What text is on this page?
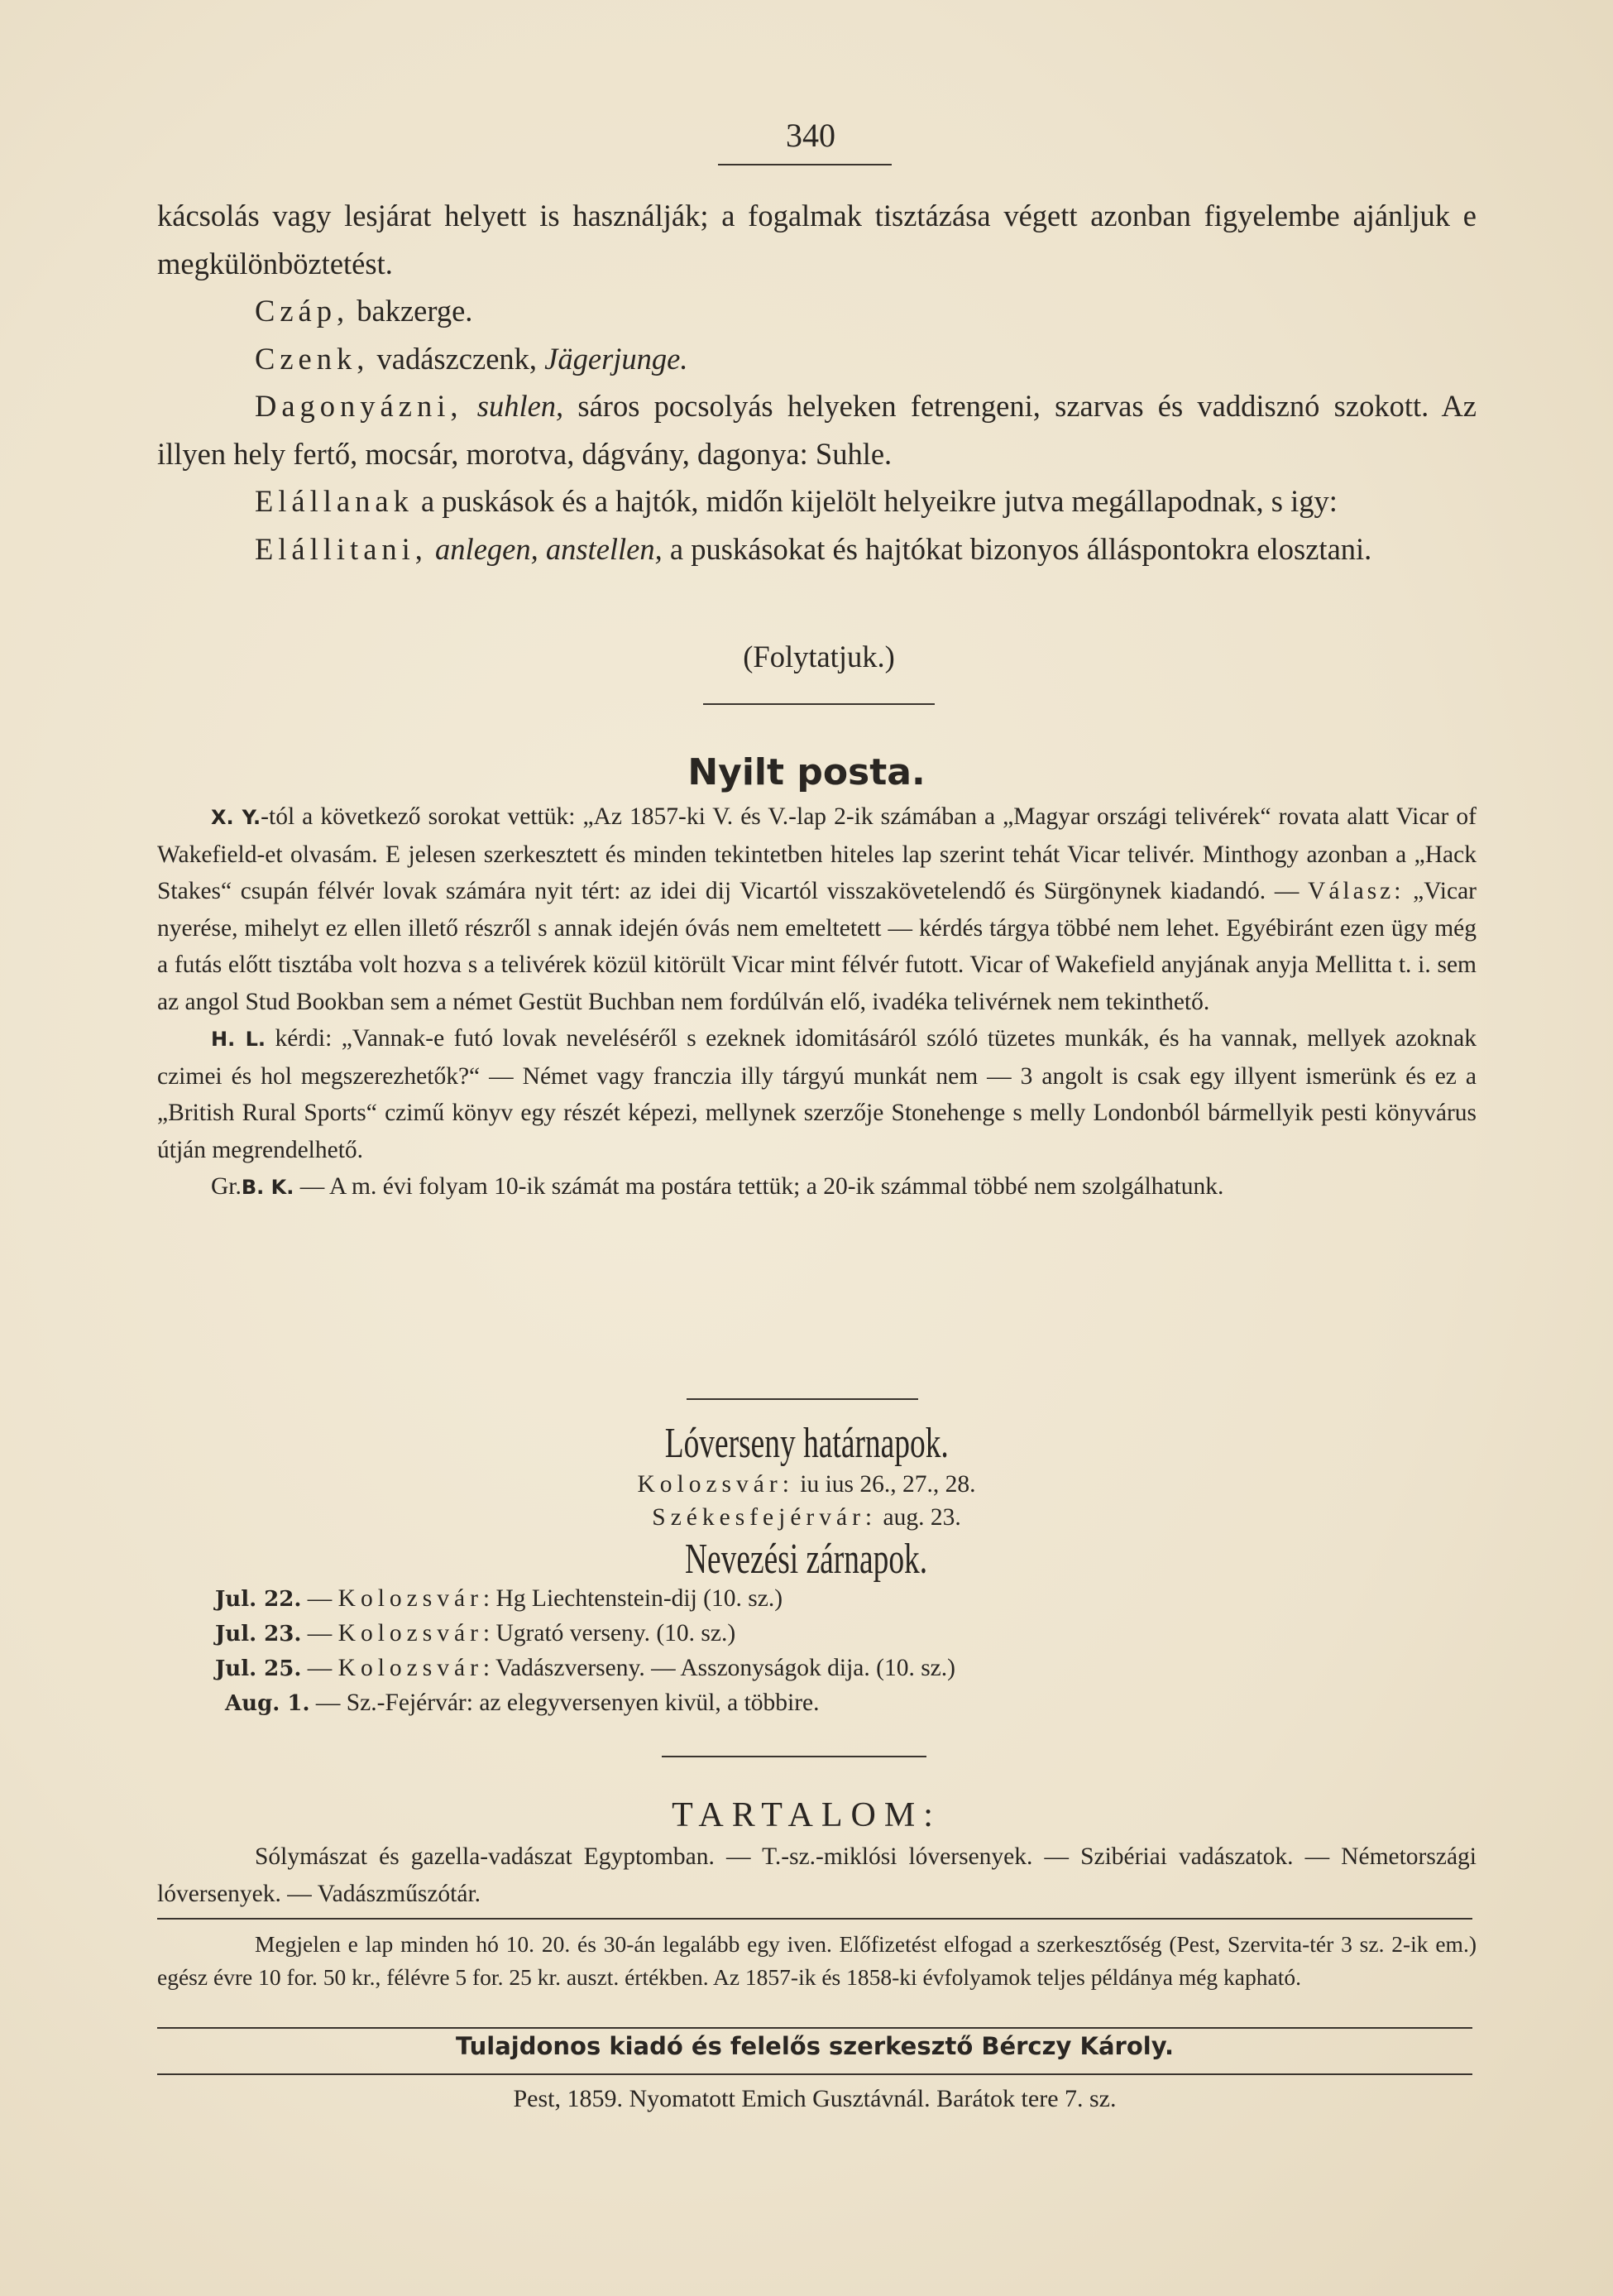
340

kácsolás vagy lesjárat helyett is használják; a fogalmak tisztázása végett azonban figyelembe ajánljuk e megkülönböztetést.

Czáp, bakzerge.

Czenk, vadászczenk, Jägerjunge.

Dagonyázni, suhlen, sáros pocsolyás helyeken fetrengeni, szarvas és vaddisznó szokott. Az illyen hely fertő, mocsár, morotva, dágvány, dagonya: Suhle.

Elállanak a puskások és a hajtók, midőn kijelölt helyeikre jutva megállapodnak, s igy:

Elállitani, anlegen, anstellen, a puskásokat és hajtókat bizonyos álláspontokra elosztani.

(Folytatjuk.)
Nyilt posta.

X. Y.-tól a következő sorokat vettük: „Az 1857-ki V. és V.-lap 2-ik számában a „Magyar országi telivérek“ rovata alatt Vicar of Wakefield-et olvasám. E jelesen szerkesztett és minden tekintetben hiteles lap szerint tehát Vicar telivér. Minthogy azonban a „Hack Stakes“ csupán félvér lovak számára nyit tért: az idei dij Vicartól visszakövetelendő és Sürgönynek kiadandó. — Válasz: „Vicar nyerése, mihelyt ez ellen illető részről s annak idején óvás nem emeltetett — kérdés tárgya többé nem lehet. Egyébiránt ezen ügy még a futás előtt tisztába volt hozva s a telivérek közül kitörült Vicar mint félvér futott. Vicar of Wakefield anyjának anyja Mellitta t. i. sem az angol Stud Bookban sem a német Gestüt Buchban nem fordúlván elő, ivadéka telivérnek nem tekinthető.

H. L. kérdi: „Vannak-e futó lovak neveléséről s ezeknek idomitásáról szóló tüzetes munkák, és ha vannak, mellyek azoknak czimei és hol megszerezhetők?“ — Német vagy franczia illy tárgyú munkát nem — 3 angolt is csak egy illyent ismerünk és ez a „British Rural Sports“ czimű könyv egy részét képezi, mellynek szerzője Stonehenge s melly Londonból bármellyik pesti könyvárus útján megrendelhető.

Gr.B. K. — A m. évi folyam 10-ik számát ma postára tettük; a 20-ik számmal többé nem szolgálhatunk.

Lóverseny határnapok.
Kolozsvár: iu ius 26., 27., 28.
Székesfejérvár: aug. 23.
Nevezési zárnapok.
Jul. 22. — Kolozsvár: Hg Liechtenstein-dij (10. sz.)
Jul. 23. — Kolozsvár: Ugrató verseny. (10. sz.)
Jul. 25. — Kolozsvár: Vadászverseny. — Asszonyságok dija. (10. sz.)
Aug. 1. — Sz.-Fejérvár: az elegyversenyen kivül, a többire.
TARTALOM:

Sólymászat és gazella-vadászat Egyptomban. — T.-sz.-miklósi lóversenyek. — Szibériai vadászatok. — Németországi lóversenyek. — Vadászműszótár.

Megjelen e lap minden hó 10. 20. és 30-án legalább egy iven. Előfizetést elfogad a szerkesztőség (Pest, Szervita-tér 3 sz. 2-ik em.) egész évre 10 for. 50 kr., félévre 5 for. 25 kr. auszt. értékben. Az 1857-ik és 1858-ki évfolyamok teljes példánya még kapható.

Tulajdonos kiadó és felelős szerkesztő Bérczy Károly.
Pest, 1859. Nyomatott Emich Gusztávnál. Barátok tere 7. sz.
